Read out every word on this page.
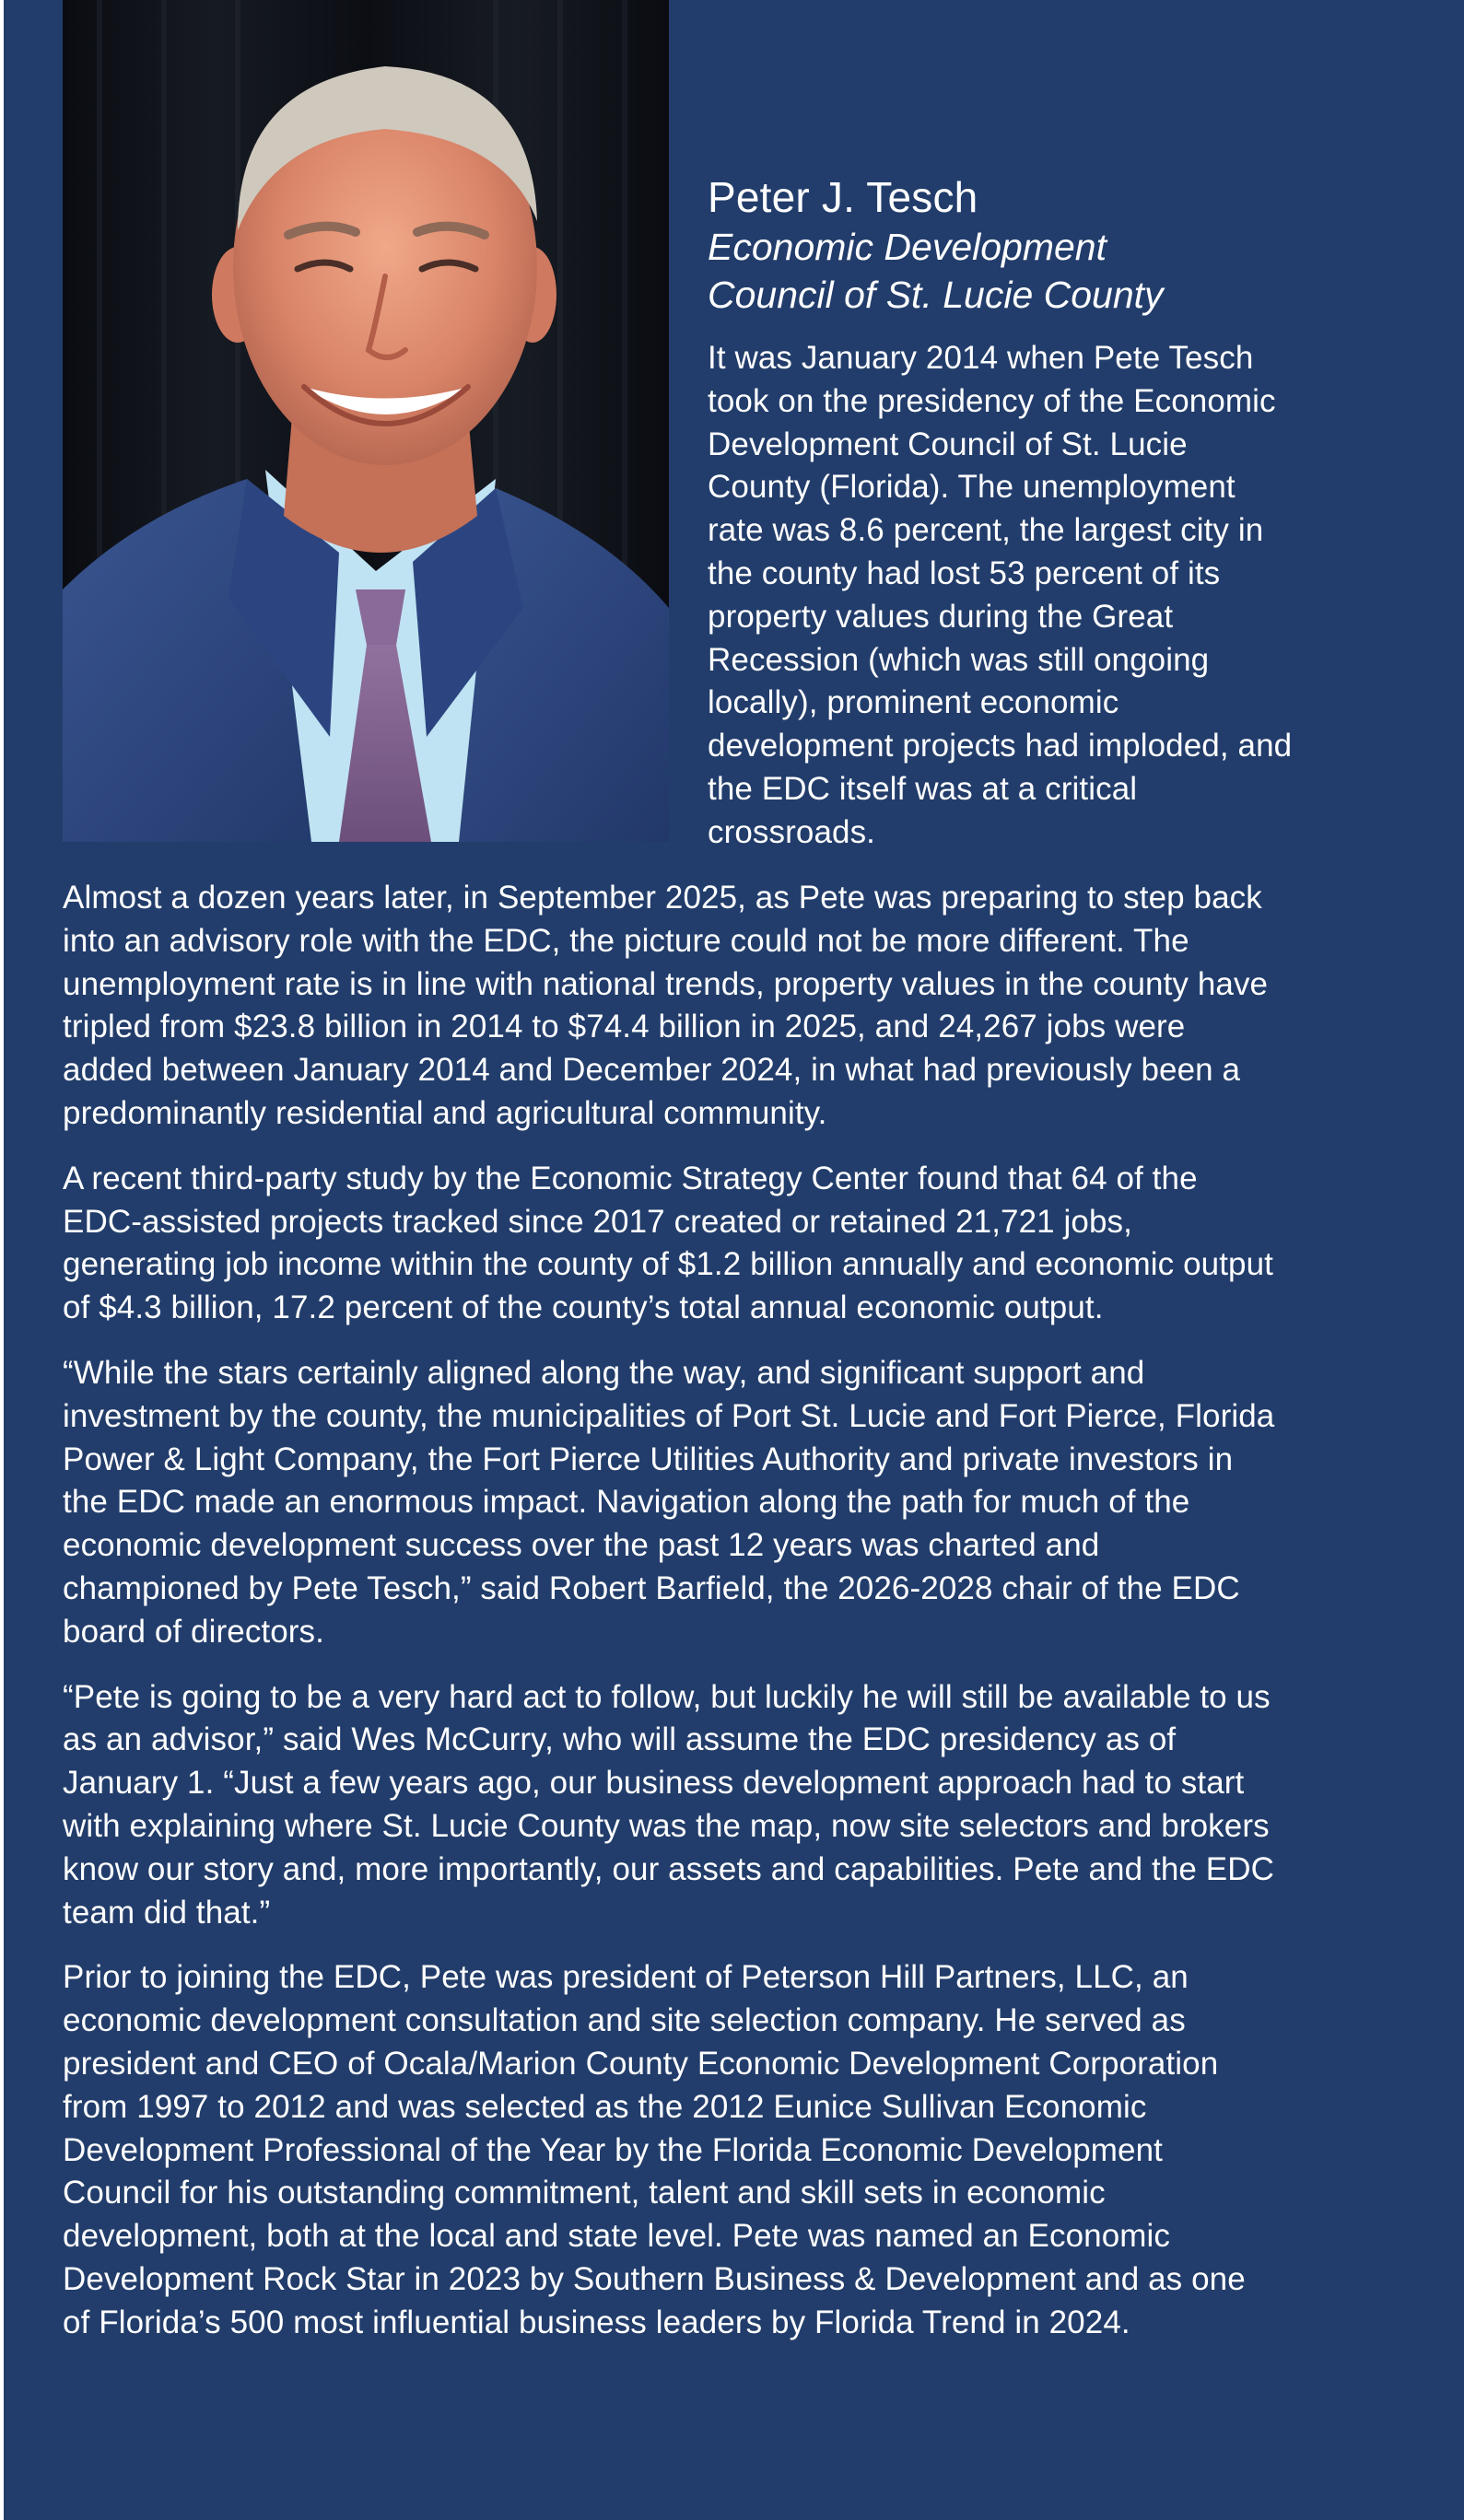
Peter J. Tesch

Economic Development

Council of St. Lucie County

It was January 2014 when Pete Tesch took on the presidency of the Economic Development Council of St. Lucie County (Florida). The unemployment rate was 8.6 percent, the largest city in the county had lost 53 percent of its property values during the Great Recession (which was still ongoing locally), prominent economic development projects had imploded, and the EDC itself was at a critical crossroads.

Almost a dozen years later, in September 2025, as Pete was preparing to step back into an advisory role with the EDC, the picture could not be more different. The unemployment rate is in line with national trends, property values in the county have tripled from $23.8 billion in 2014 to $74.4 billion in 2025, and 24,267 jobs were added between January 2014 and December 2024, in what had previously been a predominantly residential and agricultural community.

A recent third-party study by the Economic Strategy Center found that 64 of the EDC-assisted projects tracked since 2017 created or retained 21,721 jobs, generating job income within the county of $1.2 billion annually and economic output of $4.3 billion, 17.2 percent of the county’s total annual economic output.

“While the stars certainly aligned along the way, and significant support and investment by the county, the municipalities of Port St. Lucie and Fort Pierce, Florida Power & Light Company, the Fort Pierce Utilities Authority and private investors in the EDC made an enormous impact. Navigation along the path for much of the economic development success over the past 12 years was charted and championed by Pete Tesch,” said Robert Barfield, the 2026-2028 chair of the EDC board of directors.

“Pete is going to be a very hard act to follow, but luckily he will still be available to us as an advisor,” said Wes McCurry, who will assume the EDC presidency as of January 1. “Just a few years ago, our business development approach had to start with explaining where St. Lucie County was the map, now site selectors and brokers know our story and, more importantly, our assets and capabilities. Pete and the EDC team did that.”

Prior to joining the EDC, Pete was president of Peterson Hill Partners, LLC, an economic development consultation and site selection company. He served as president and CEO of Ocala/Marion County Economic Development Corporation from 1997 to 2012 and was selected as the 2012 Eunice Sullivan Economic Development Professional of the Year by the Florida Economic Development Council for his outstanding commitment, talent and skill sets in economic development, both at the local and state level. Pete was named an Economic Development Rock Star in 2023 by Southern Business & Development and as one of Florida’s 500 most influential business leaders by Florida Trend in 2024.
